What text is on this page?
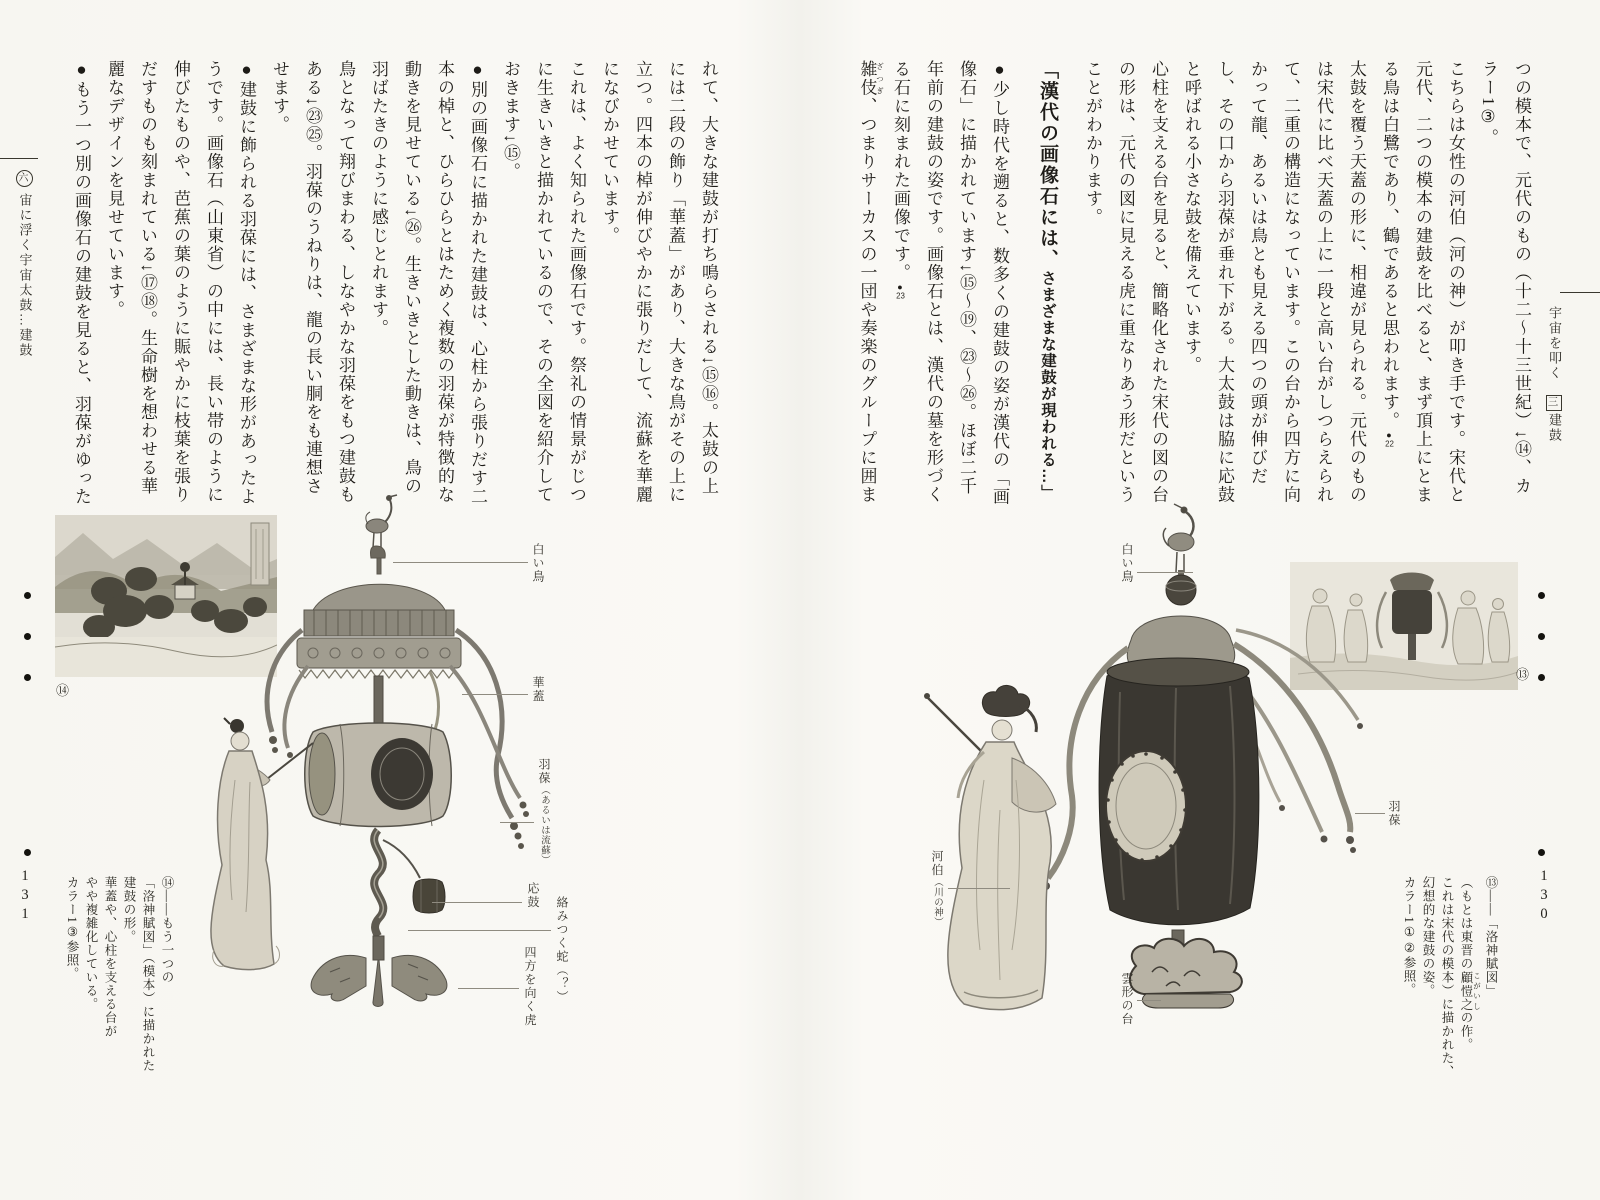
六宙に浮く宇宙太鼓…建鼓
131

れて、大きな建鼓が打ち鳴らされる↓⑮⑯。太鼓の上には二段の飾り「華蓋」があり、大きな鳥がその上に立つ。四本の棹が伸びやかに張りだして、流蘇を華麗になびかせています。

これは、よく知られた画像石です。祭礼の情景がじつに生きいきと描かれているので、その全図を紹介しておきます↓⑮。

●別の画像石に描かれた建鼓は、心柱から張りだす二本の棹と、ひらひらとはためく複数の羽葆が特徴的な動きを見せている↓㉖。生きいきとした動きは、鳥の羽ばたきのように感じとれます。

鳥となって翔びまわる、しなやかな羽葆をもつ建鼓もある↓㉓㉕。羽葆のうねりは、龍の長い胴をも連想させます。

●建鼓に飾られる羽葆には、さまざまな形があったようです。画像石（山東省）の中には、長い帯のように伸びたものや、芭蕉の葉のように賑やかに枝葉を張りだすものも刻まれている↓⑰⑱。生命樹を想わせる華麗なデザインを見せています。

●もう一つ別の画像石の建鼓を見ると、羽葆がゆった

⑭
白い鳥
華蓋
羽葆（あるいは流蘇）
応鼓
絡みつく蛇（？）
四方を向く虎

⑭——もう一つの

「洛神賦図」（模本）に描かれた

建鼓の形。

華蓋や、心柱を支える台が

やや複雑化している。

カラー1③参照。

宇宙を叩く三建鼓
130

つの模本で、元代のもの（十二〜十三世紀）↓⑭、カラー1③。

こちらは女性の河伯（河の神）が叩き手です。宋代と元代、二つの模本の建鼓を比べると、まず頂上にとまる鳥は白鷺であり、鶴であると思われます。●22

太鼓を覆う天蓋の形に、相違が見られる。元代のものは宋代に比べ天蓋の上に一段と高い台がしつらえられて、二重の構造になっています。この台から四方に向かって龍、あるいは鳥とも見える四つの頭が伸びだし、その口から羽葆が垂れ下がる。大太鼓は脇に応鼓と呼ばれる小さな鼓を備えています。

心柱を支える台を見ると、簡略化された宋代の図の台の形は、元代の図に見える虎に重なりあう形だということがわかります。

「漢代の画像石には、さまざまな建鼓が現われる…」

●少し時代を遡ると、数多くの建鼓の姿が漢代の「画像石」に描かれています↓⑮〜⑲、㉓〜㉖。ほぼ二千年前の建鼓の姿です。画像石とは、漢代の墓を形づくる石に刻まれた画像です。●23

雑伎 ざつぎ、つまりサーカスの一団や奏楽のグループに囲ま

⑬
白い鳥
羽葆
河伯（川の神）
雲形の台

⑬——「洛神賦図」

（もとは東晋の顧愷之 こがいしの作。

これは宋代の模本）に描かれた、

幻想的な建鼓の姿。

カラー1①②参照。
